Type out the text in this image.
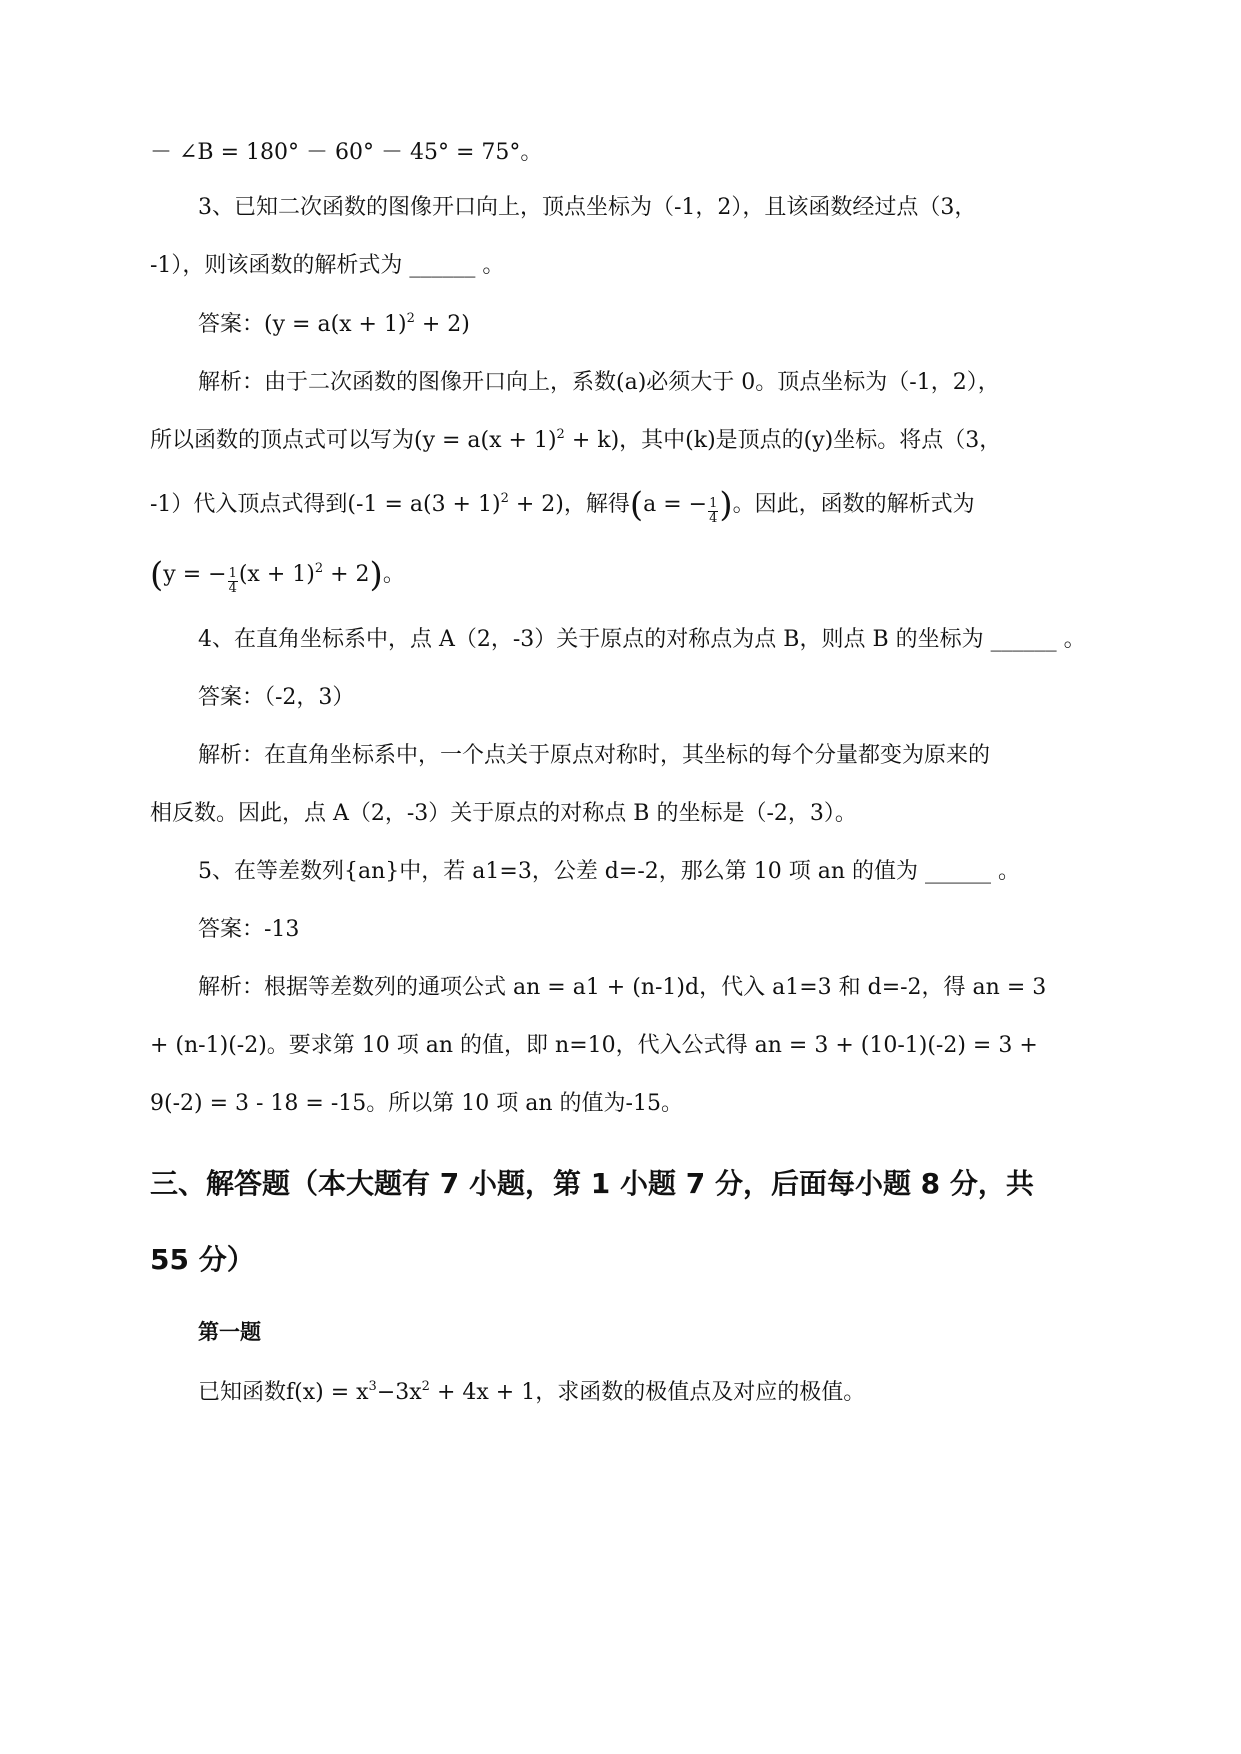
－ ∠B = 180° － 60° － 45° = 75°。
3、已知二次函数的图像开口向上，顶点坐标为（-1，2），且该函数经过点（3，
-1），则该函数的解析式为 ______ 。
答案：$(y = a(x + 1)^2 + 2)$
解析：由于二次函数的图像开口向上，系数(a)必须大于 0。顶点坐标为（-1，2），
所以函数的顶点式可以写为$(y = a(x + 1)^2 + k)$，其中(k)是顶点的(y)坐标。将点（3，
-1）代入顶点式得到$(-1 = a(3 + 1)^2 + 2)$，解得(a = − $\frac{1}{4}$ )。因此，函数的解析式为
(y = − $\frac{1}{4} (x + 1)^2 + 2$)。
4、在直角坐标系中，点 A（2，-3）关于原点的对称点为点 B，则点 B 的坐标为 ______ 。
答案：（-2，3）
解析：在直角坐标系中，一个点关于原点对称时，其坐标的每个分量都变为原来的
相反数。因此，点 A（2，-3）关于原点的对称点 B 的坐标是（-2，3）。
5、在等差数列{an}中，若 a1=3，公差 d=-2，那么第 10 项 an 的值为 ______ 。
答案：-13
解析：根据等差数列的通项公式 an = a1 + (n-1)d，代入 a1=3 和 d=-2，得 an = 3
+ (n-1)(-2)。要求第 10 项 an 的值，即 n=10，代入公式得 an = 3 + (10-1)(-2) = 3 +
9(-2) = 3 - 18 = -15。所以第 10 项 an 的值为-15。
三、解答题（本大题有 7 小题，第 1 小题 7 分，后面每小题 8 分，共
55 分）
第一题
已知函数$f(x) = x^3-3x^2 + 4x + 1$，求函数的极值点及对应的极值。
